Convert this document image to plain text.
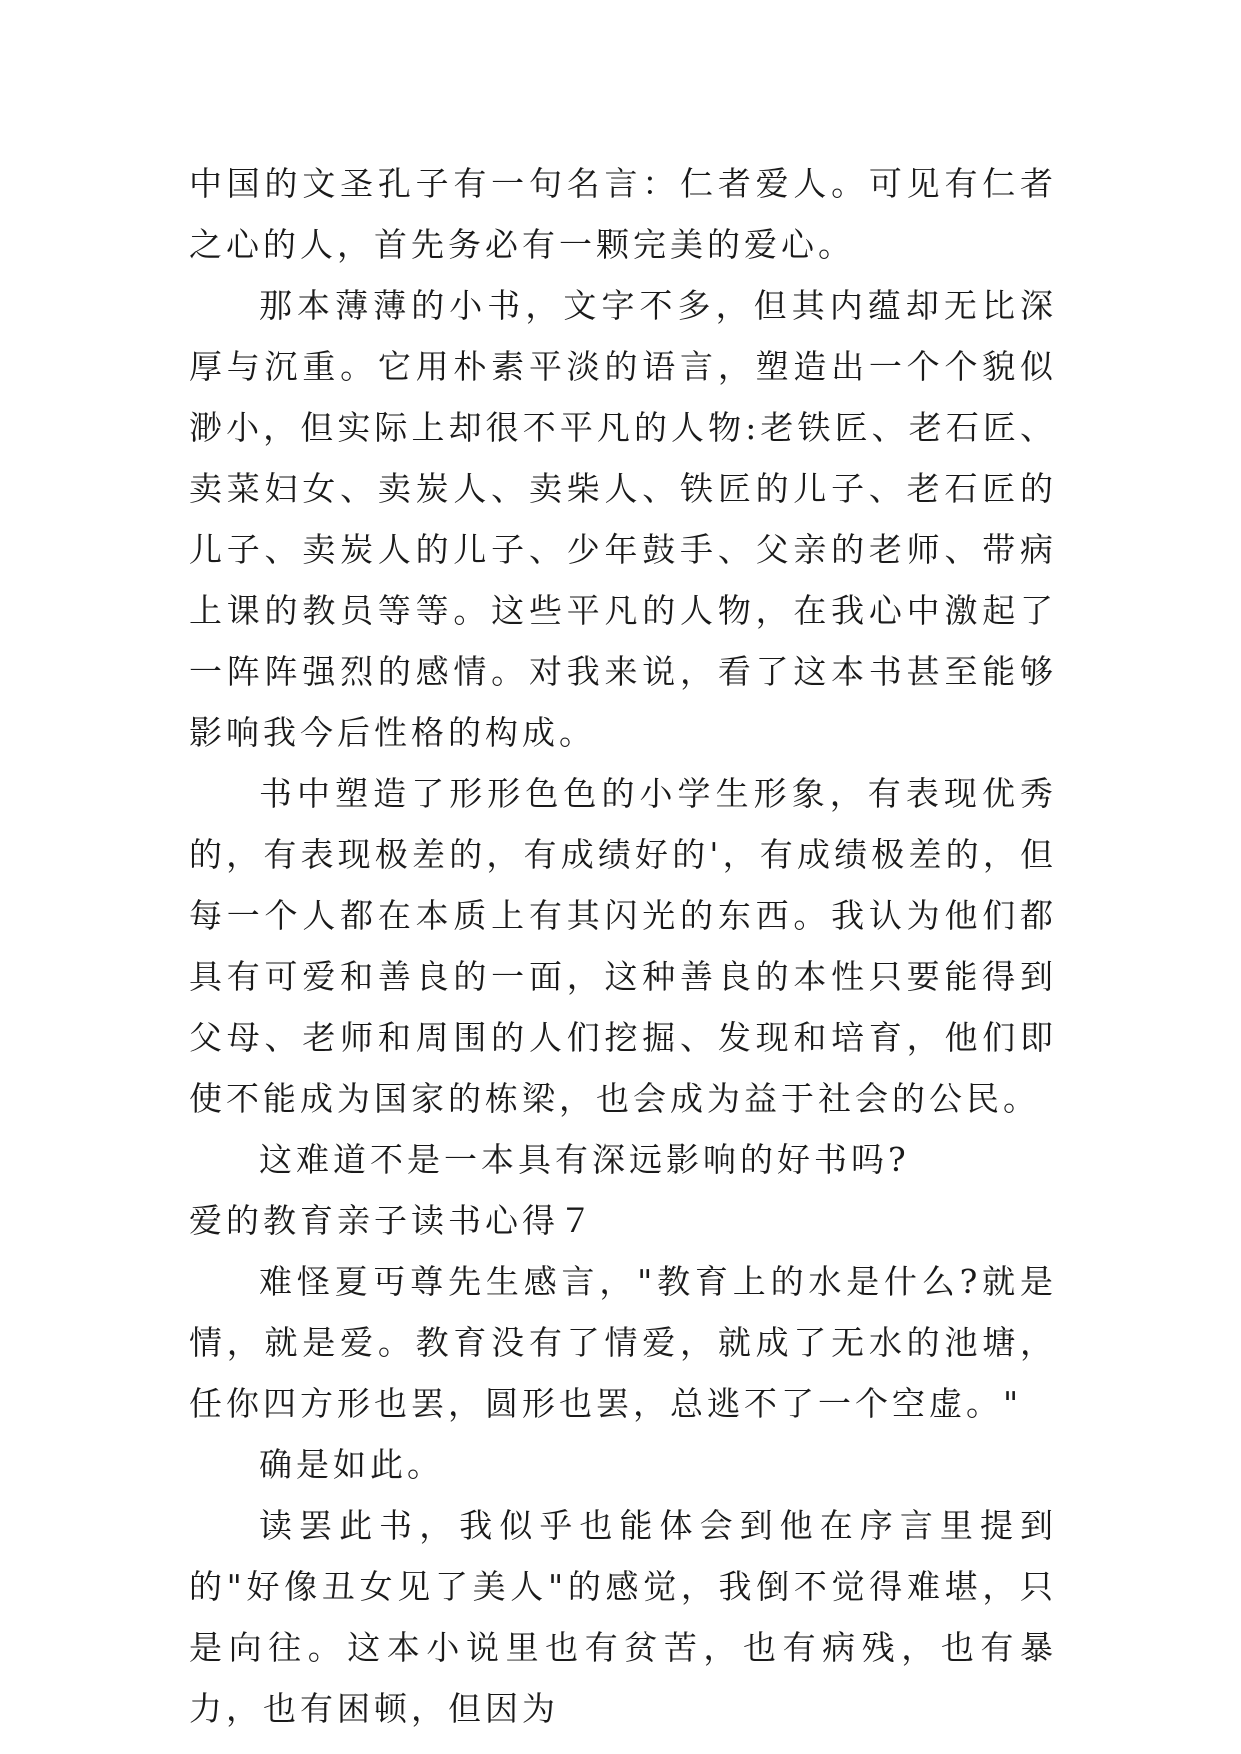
中国的文圣孔子有一句名言：仁者爱人。可见有仁者之心的人，首先务必有一颗完美的爱心。

那本薄薄的小书，文字不多，但其内蕴却无比深厚与沉重。它用朴素平淡的语言，塑造出一个个貌似渺小，但实际上却很不平凡的人物:老铁匠、老石匠、卖菜妇女、卖炭人、卖柴人、铁匠的儿子、老石匠的儿子、卖炭人的儿子、少年鼓手、父亲的老师、带病上课的教员等等。这些平凡的人物，在我心中激起了一阵阵强烈的感情。对我来说，看了这本书甚至能够影响我今后性格的构成。

书中塑造了形形色色的小学生形象，有表现优秀的，有表现极差的，有成绩好的'，有成绩极差的，但每一个人都在本质上有其闪光的东西。我认为他们都具有可爱和善良的一面，这种善良的本性只要能得到父母、老师和周围的人们挖掘、发现和培育，他们即使不能成为国家的栋梁，也会成为益于社会的公民。

这难道不是一本具有深远影响的好书吗?

爱的教育亲子读书心得７

难怪夏丏尊先生感言，"教育上的水是什么?就是情，就是爱。教育没有了情爱，就成了无水的池塘，任你四方形也罢，圆形也罢，总逃不了一个空虚。"

确是如此。

读罢此书，我似乎也能体会到他在序言里提到的"好像丑女见了美人"的感觉，我倒不觉得难堪，只是向往。这本小说里也有贫苦，也有病残，也有暴力，也有困顿，但因为
